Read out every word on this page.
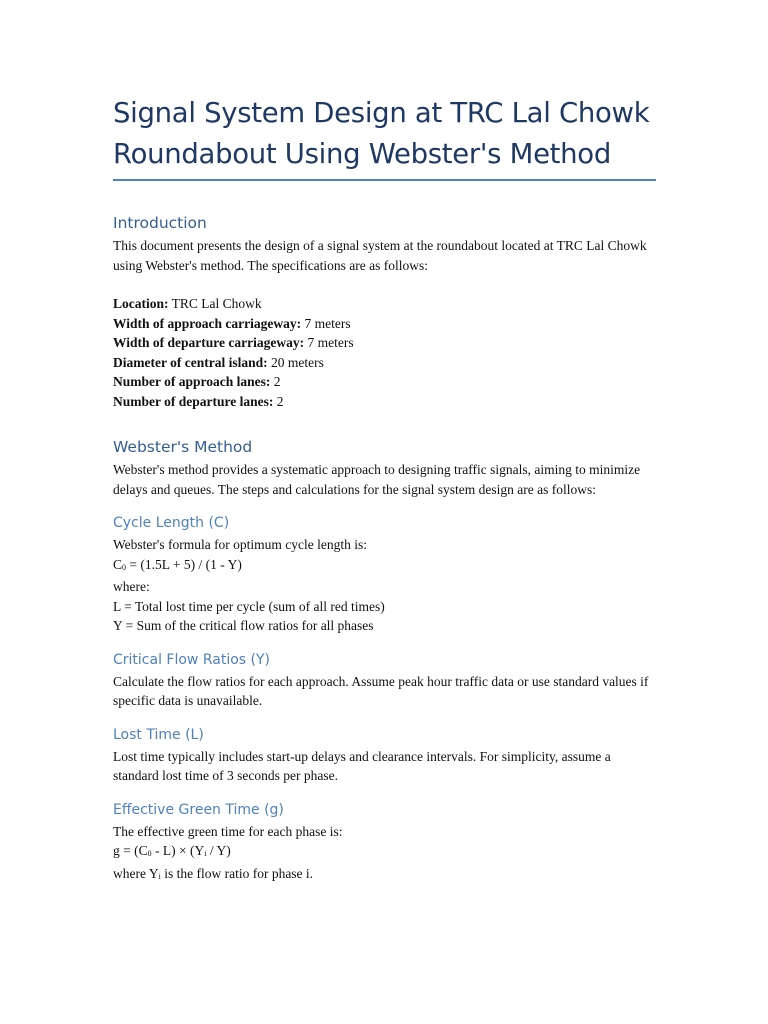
Signal System Design at TRC Lal Chowk
Roundabout Using Webster's Method
Introduction

This document presents the design of a signal system at the roundabout located at TRC Lal Chowk using Webster's method. The specifications are as follows:

Location: TRC Lal Chowk

Width of approach carriageway: 7 meters

Width of departure carriageway: 7 meters

Diameter of central island: 20 meters

Number of approach lanes: 2

Number of departure lanes: 2

Webster's Method

Webster's method provides a systematic approach to designing traffic signals, aiming to minimize delays and queues. The steps and calculations for the signal system design are as follows:

Cycle Length (C)

Webster's formula for optimum cycle length is:

$C_0 = (1.5L + 5) / (1 - Y)$

where:

L = Total lost time per cycle (sum of all red times)

Y = Sum of the critical flow ratios for all phases

Critical Flow Ratios (Y)

Calculate the flow ratios for each approach. Assume peak hour traffic data or use standard values if specific data is unavailable.

Lost Time (L)

Lost time typically includes start-up delays and clearance intervals. For simplicity, assume a standard lost time of 3 seconds per phase.

Effective Green Time (g)

The effective green time for each phase is:

$g = (C_0 - L) \times (Y_i / Y)$

where $Y_i$ is the flow ratio for phase i.
